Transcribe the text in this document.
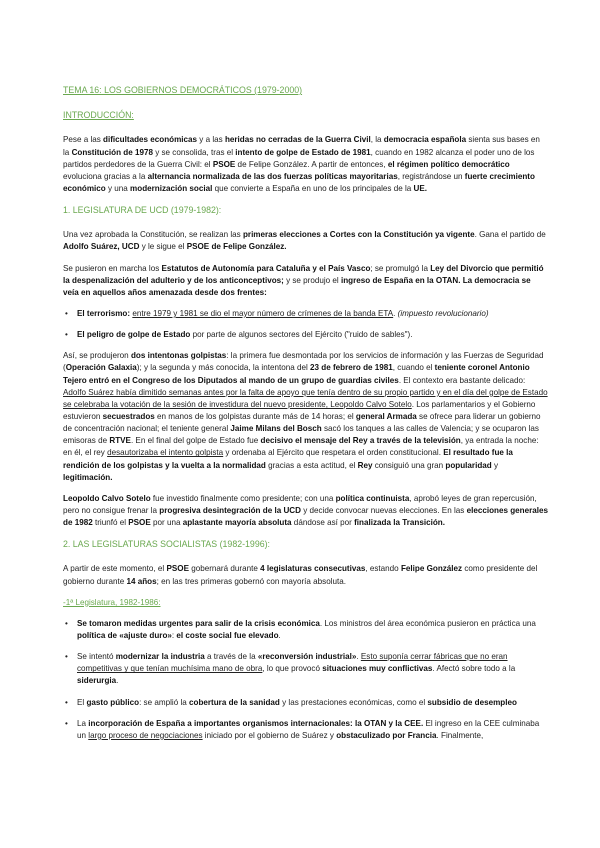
TEMA 16: LOS GOBIERNOS DEMOCRÁTICOS (1979-2000)
INTRODUCCIÓN:

Pese a las dificultades económicas y a las heridas no cerradas de la Guerra Civil, la democracia española sienta sus bases en la Constitución de 1978 y se consolida, tras el intento de golpe de Estado de 1981, cuando en 1982 alcanza el poder uno de los partidos perdedores de la Guerra Civil: el PSOE de Felipe González. A partir de entonces, el régimen político democrático evoluciona gracias a la alternancia normalizada de las dos fuerzas políticas mayoritarias, registrándose un fuerte crecimiento económico y una modernización social que convierte a España en uno de los principales de la UE.

1. LEGISLATURA DE UCD (1979-1982):

Una vez aprobada la Constitución, se realizan las primeras elecciones a Cortes con la Constitución ya vigente. Gana el partido de Adolfo Suárez, UCD y le sigue el PSOE de Felipe González.

Se pusieron en marcha los Estatutos de Autonomía para Cataluña y el País Vasco; se promulgó la Ley del Divorcio que permitió la despenalización del adulterio y de los anticonceptivos; y se produjo el ingreso de España en la OTAN. La democracia se veía en aquellos años amenazada desde dos frentes:

• El terrorismo: entre 1979 y 1981 se dio el mayor número de crímenes de la banda ETA. (impuesto revolucionario)
• El peligro de golpe de Estado por parte de algunos sectores del Ejército ("ruido de sables").

Así, se produjeron dos intentonas golpistas: la primera fue desmontada por los servicios de información y las Fuerzas de Seguridad (Operación Galaxia); y la segunda y más conocida, la intentona del 23 de febrero de 1981, cuando el teniente coronel Antonio Tejero entró en el Congreso de los Diputados al mando de un grupo de guardias civiles. El contexto era bastante delicado: Adolfo Suárez había dimitido semanas antes por la falta de apoyo que tenía dentro de su propio partido y en el día del golpe de Estado se celebraba la votación de la sesión de investidura del nuevo presidente, Leopoldo Calvo Sotelo. Los parlamentarios y el Gobierno estuvieron secuestrados en manos de los golpistas durante más de 14 horas; el general Armada se ofrece para liderar un gobierno de concentración nacional; el teniente general Jaime Milans del Bosch sacó los tanques a las calles de Valencia; y se ocuparon las emisoras de RTVE. En el final del golpe de Estado fue decisivo el mensaje del Rey a través de la televisión, ya entrada la noche: en él, el rey desautorizaba el intento golpista y ordenaba al Ejército que respetara el orden constitucional. El resultado fue la rendición de los golpistas y la vuelta a la normalidad gracias a esta actitud, el Rey consiguió una gran popularidad y legitimación.

Leopoldo Calvo Sotelo fue investido finalmente como presidente; con una política continuista, aprobó leyes de gran repercusión, pero no consigue frenar la progresiva desintegración de la UCD y decide convocar nuevas elecciones. En las elecciones generales de 1982 triunfó el PSOE por una aplastante mayoría absoluta dándose así por finalizada la Transición.

2. LAS LEGISLATURAS SOCIALISTAS (1982-1996):

A partir de este momento, el PSOE gobernará durante 4 legislaturas consecutivas, estando Felipe González como presidente del gobierno durante 14 años; en las tres primeras gobernó con mayoría absoluta.

-1ª Legislatura, 1982-1986:
• Se tomaron medidas urgentes para salir de la crisis económica. Los ministros del área económica pusieron en práctica una política de «ajuste duro»: el coste social fue elevado.
• Se intentó modernizar la industria a través de la «reconversión industrial». Esto suponía cerrar fábricas que no eran competitivas y que tenían muchísima mano de obra, lo que provocó situaciones muy conflictivas. Afectó sobre todo a la siderurgia.
• El gasto público: se amplió la cobertura de la sanidad y las prestaciones económicas, como el subsidio de desempleo
• La incorporación de España a importantes organismos internacionales: la OTAN y la CEE. El ingreso en la CEE culminaba un largo proceso de negociaciones iniciado por el gobierno de Suárez y obstaculizado por Francia. Finalmente,
